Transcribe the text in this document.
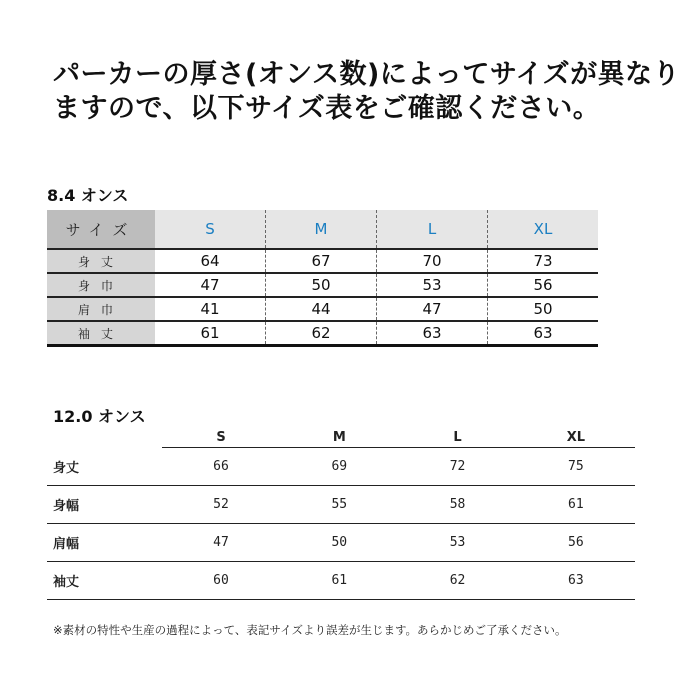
パーカーの厚さ(オンス数)によってサイズが異なり
ますので、以下サイズ表をご確認ください。
8.4 オンス
サイズ	S	M	L	XL
身丈	64	67	70	73
身巾	47	50	53	56
肩巾	41	44	47	50
袖丈	61	62	63	63
12.0 オンス
	S	M	L	XL
身丈	66	69	72	75
身幅	52	55	58	61
肩幅	47	50	53	56
袖丈	60	61	62	63
※素材の特性や生産の過程によって、表記サイズより誤差が生じます。あらかじめご了承ください。
